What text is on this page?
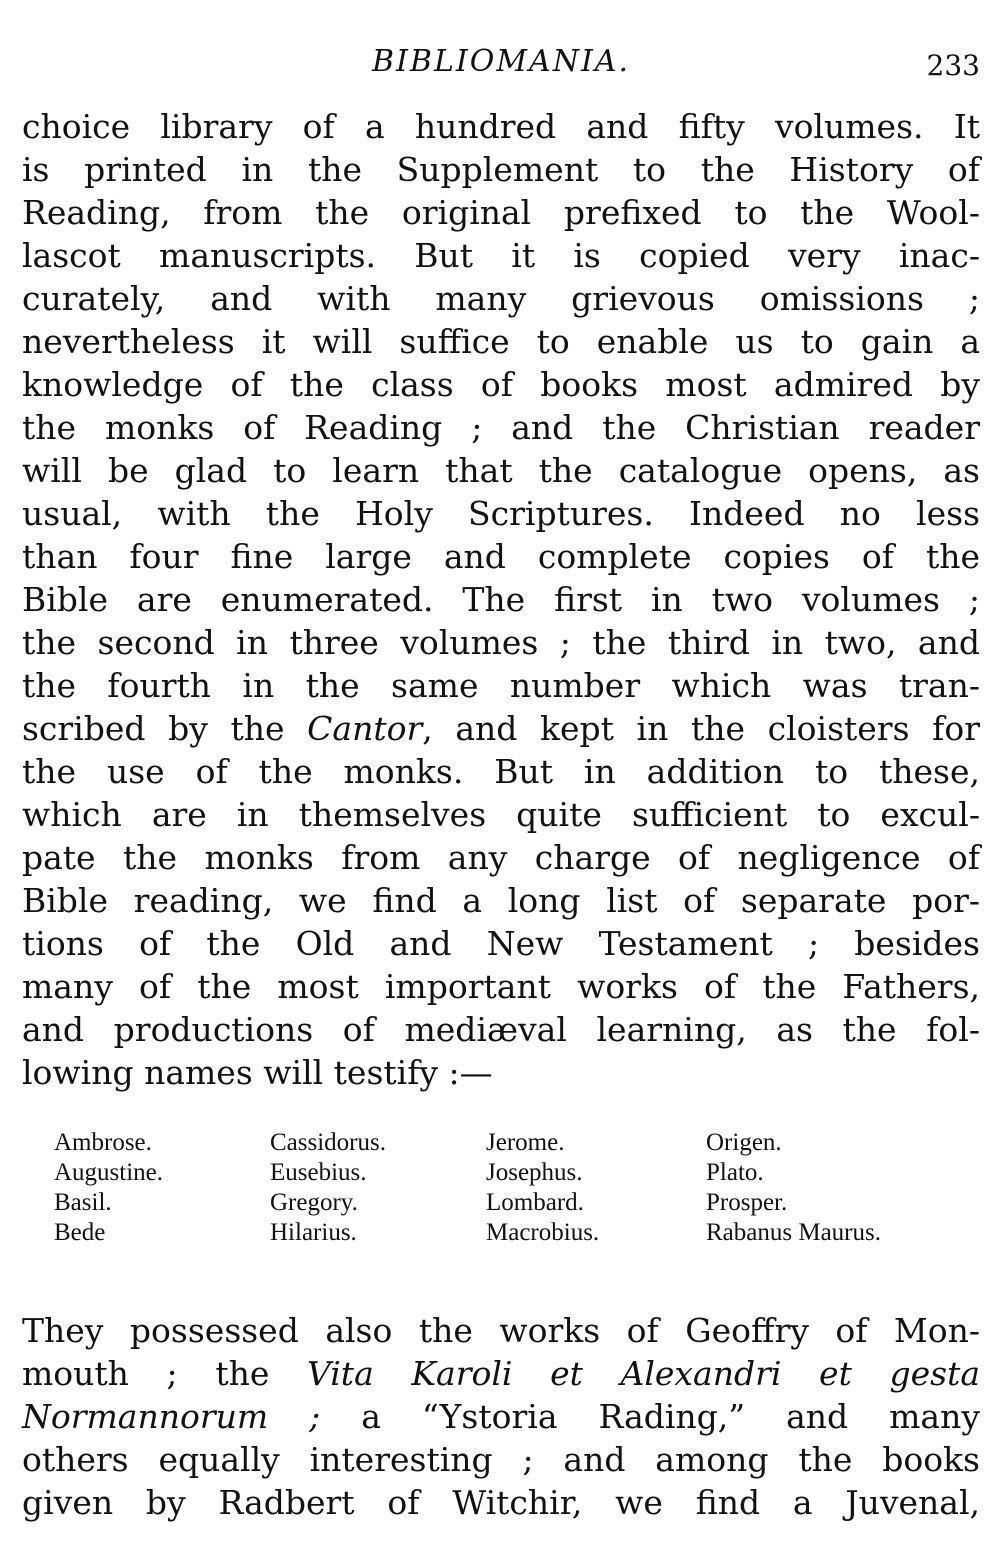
BIBLIOMANIA.	233
choice library of a hundred and fifty volumes. It
is printed in the Supplement to the History of
Reading, from the original prefixed to the Wool-
lascot manuscripts. But it is copied very inac-
curately, and with many grievous omissions ;
nevertheless it will suffice to enable us to gain a
knowledge of the class of books most admired by
the monks of Reading ; and the Christian reader
will be glad to learn that the catalogue opens, as
usual, with the Holy Scriptures. Indeed no less
than four fine large and complete copies of the
Bible are enumerated. The first in two volumes ;
the second in three volumes ; the third in two, and
the fourth in the same number which was tran-
scribed by the Cantor, and kept in the cloisters for
the use of the monks. But in addition to these,
which are in themselves quite sufficient to excul-
pate the monks from any charge of negligence of
Bible reading, we find a long list of separate por-
tions of the Old and New Testament ; besides
many of the most important works of the Fathers,
and productions of mediæval learning, as the fol-
lowing names will testify :—
Ambrose.
Augustine.
Basil.
Bede
Cassidorus.
Eusebius.
Gregory.
Hilarius.
Jerome.
Josephus.
Lombard.
Macrobius.
Origen.
Plato.
Prosper.
Rabanus Maurus.
They possessed also the works of Geoffry of Mon-
mouth ; the Vita Karoli et Alexandri et gesta
Normannorum ; a “Ystoria Rading,” and many
others equally interesting ; and among the books
given by Radbert of Witchir, we find a Juvenal,
